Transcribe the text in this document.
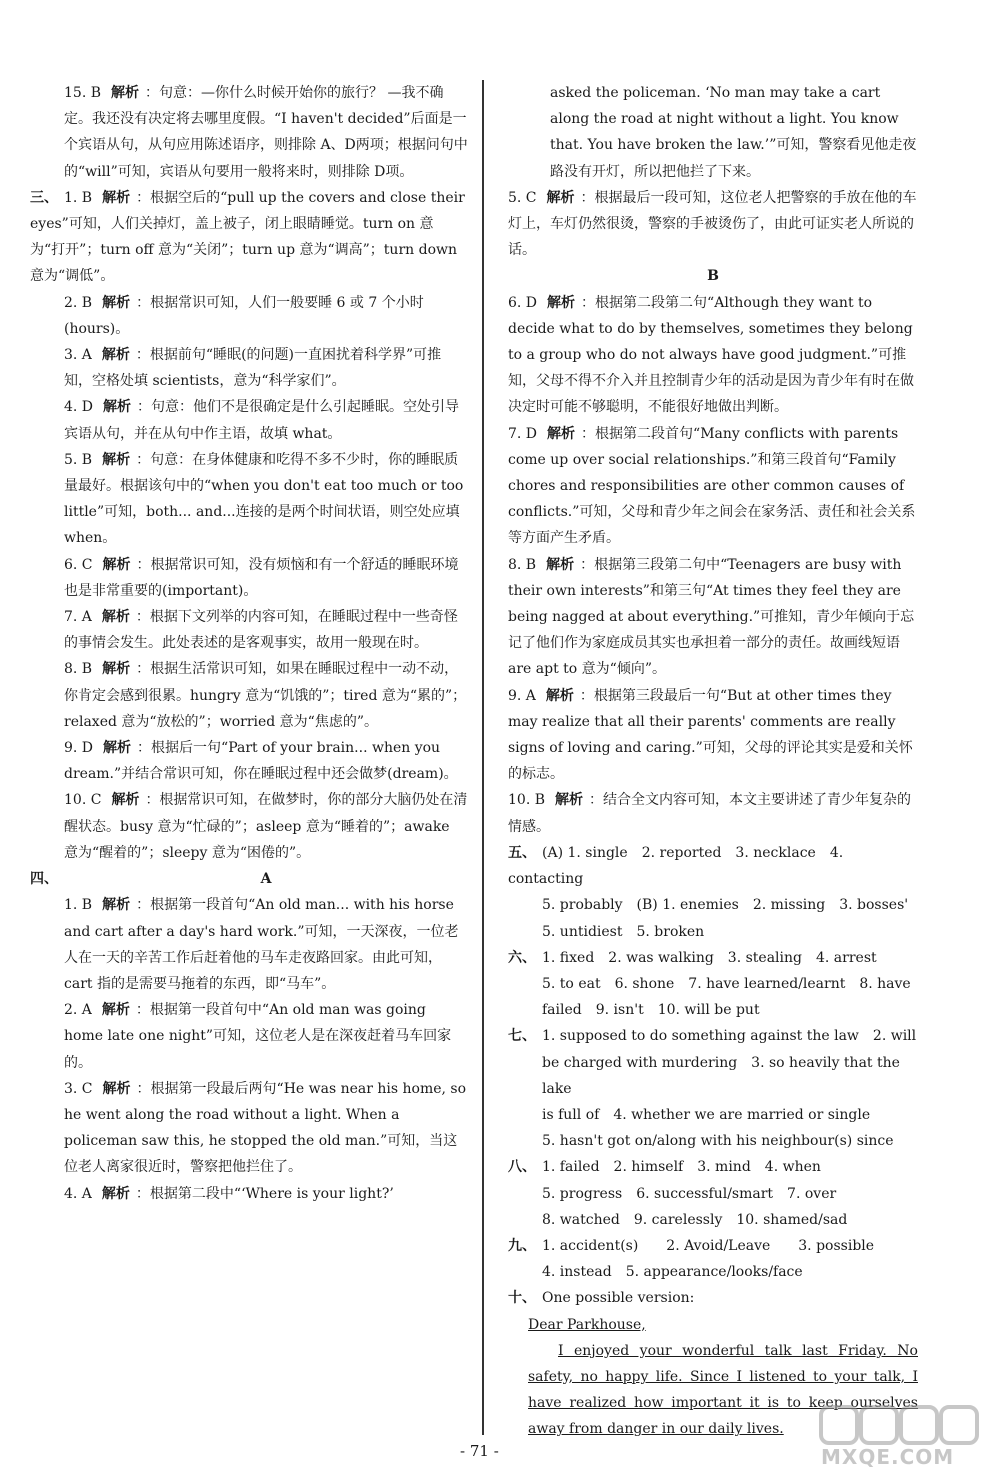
15. B 解析 ：句意：—你什么时候开始你的旅行？ —我不确定。我还没有决定将去哪里度假。“I haven't decided”后面是一个宾语从句，从句应用陈述语序，则排除 A、D两项；根据问句中的“will”可知，宾语从句要用一般将来时，则排除 D项。
三、 1. B 解析 ：根据空后的“pull up the covers and close their eyes”可知，人们关掉灯，盖上被子，闭上眼睛睡觉。turn on 意为“打开”；turn off 意为“关闭”；turn up 意为“调高”；turn down 意为“调低”。
2. B 解析 ：根据常识可知，人们一般要睡 6 或 7 个小时(hours)。
3. A 解析 ：根据前句“睡眠(的问题)一直困扰着科学界”可推知，空格处填 scientists，意为“科学家们”。
4. D 解析 ：句意：他们不是很确定是什么引起睡眠。空处引导宾语从句，并在从句中作主语，故填 what。
5. B 解析 ：句意：在身体健康和吃得不多不少时，你的睡眠质量最好。根据该句中的“when you don't eat too much or too little”可知，both... and...连接的是两个时间状语，则空处应填 when。
6. C 解析 ：根据常识可知，没有烦恼和有一个舒适的睡眠环境也是非常重要的(important)。
7. A 解析 ：根据下文列举的内容可知，在睡眠过程中一些奇怪的事情会发生。此处表述的是客观事实，故用一般现在时。
8. B 解析 ：根据生活常识可知，如果在睡眠过程中一动不动，你肯定会感到很累。hungry 意为“饥饿的”；tired 意为“累的”；relaxed 意为“放松的”；worried 意为“焦虑的”。
9. D 解析 ：根据后一句“Part of your brain... when you dream.”并结合常识可知，你在睡眠过程中还会做梦(dream)。
10. C 解析 ：根据常识可知，在做梦时，你的部分大脑仍处在清醒状态。busy 意为“忙碌的”；asleep 意为“睡着的”；awake 意为“醒着的”；sleepy 意为“困倦的”。
四、	A
1. B 解析 ：根据第一段首句“An old man... with his horse and cart after a day's hard work.”可知，一天深夜，一位老人在一天的辛苦工作后赶着他的马车走夜路回家。由此可知，cart 指的是需要马拖着的东西，即“马车”。
2. A 解析 ：根据第一段首句中“An old man was going home late one night”可知，这位老人是在深夜赶着马车回家的。
3. C 解析 ：根据第一段最后两句“He was near his home, so he went along the road without a light. When a policeman saw this, he stopped the old man.”可知，当这位老人离家很近时，警察把他拦住了。
4. A 解析 ：根据第二段中“‘Where is your light?’
asked the policeman. ‘No man may take a cart along the road at night without a light. You know that. You have broken the law.’”可知，警察看见他走夜路没有开灯，所以把他拦了下来。
5. C 解析 ：根据最后一段可知，这位老人把警察的手放在他的车灯上，车灯仍然很烫，警察的手被烫伤了，由此可证实老人所说的话。
B
6. D 解析 ：根据第二段第二句“Although they want to decide what to do by themselves, sometimes they belong to a group who do not always have good judgment.”可推知，父母不得不介入并且控制青少年的活动是因为青少年有时在做决定时可能不够聪明，不能很好地做出判断。
7. D 解析 ：根据第二段首句“Many conflicts with parents come up over social relationships.”和第三段首句“Family chores and responsibilities are other common causes of conflicts.”可知，父母和青少年之间会在家务活、责任和社会关系等方面产生矛盾。
8. B 解析 ：根据第三段第二句中“Teenagers are busy with their own interests”和第三句“At times they feel they are being nagged at about everything.”可推知，青少年倾向于忘记了他们作为家庭成员其实也承担着一部分的责任。故画线短语 are apt to 意为“倾向”。
9. A 解析 ：根据第三段最后一句“But at other times they may realize that all their parents' comments are really signs of loving and caring.”可知，父母的评论其实是爱和关怀的标志。
10. B 解析 ：结合全文内容可知，本文主要讲述了青少年复杂的情感。
五、 (A) 1. single　2. reported　3. necklace　4. contacting
5. probably　(B) 1. enemies　2. missing　3. bosses'
5. untidiest　5. broken
六、 1. fixed　2. was walking　3. stealing　4. arrest
5. to eat　6. shone　7. have learned/learnt　8. have
failed　9. isn't　10. will be put
七、 1. supposed to do something against the law　2. will
be charged with murdering　3. so heavily that the lake
is full of　4. whether we are married or single
5. hasn't got on/along with his neighbour(s) since
八、 1. failed　2. himself　3. mind　4. when
5. progress　6. successful/smart　7. over
8. watched　9. carelessly　10. shamed/sad
九、 1. accident(s)　　2. Avoid/Leave　　3. possible
4. instead　5. appearance/looks/face
十、 One possible version:
Dear Parkhouse,
I enjoyed your wonderful talk last Friday. No safety, no happy life. Since I listened to your talk, I have realized how important it is to keep ourselves away from danger in our daily lives.
- 71 -	MXQE.COM
